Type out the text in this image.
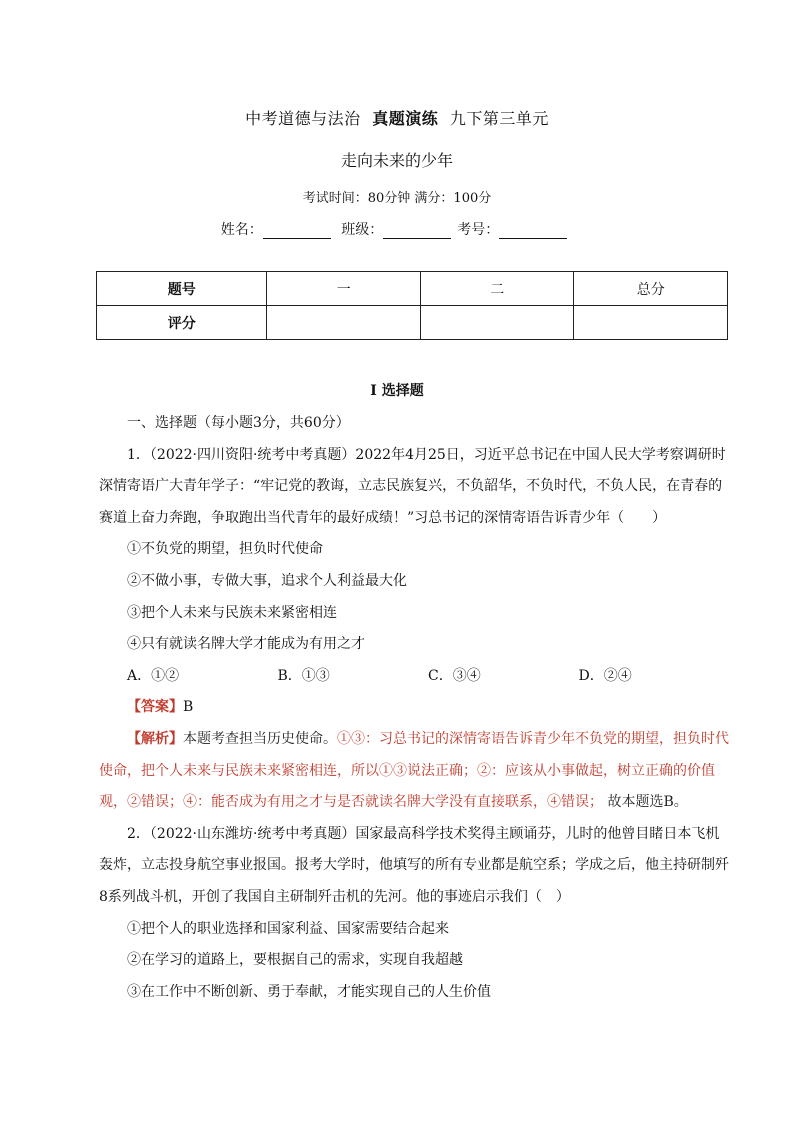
中考道德与法治 真题演练 九下第三单元
走向未来的少年
考试时间：80分钟 满分：100分
姓名：	班级：	考号：
题号	一	二	总分
评分			
I 选择题

一、选择题（每小题3分，共60分）

1．（2022·四川资阳·统考中考真题）2022年4月25日，习近平总书记在中国人民大学考察调研时深情寄语广大青年学子：“牢记党的教诲，立志民族复兴，不负韶华，不负时代，不负人民，在青春的赛道上奋力奔跑，争取跑出当代青年的最好成绩！”习总书记的深情寄语告诉青少年（　　）

①不负党的期望，担负时代使命

②不做小事，专做大事，追求个人利益最大化

③把个人未来与民族未来紧密相连

④只有就读名牌大学才能成为有用之才

A．①②	B．①③	C．③④	D．②④

【答案】B

【解析】本题考查担当历史使命。①③：习总书记的深情寄语告诉青少年不负党的期望，担负时代使命，把个人未来与民族未来紧密相连，所以①③说法正确；②：应该从小事做起，树立正确的价值观，②错误；④：能否成为有用之才与是否就读名牌大学没有直接联系，④错误； 故本题选B。

2．（2022·山东潍坊·统考中考真题）国家最高科学技术奖得主顾诵芬，儿时的他曾目睹日本飞机轰炸，立志投身航空事业报国。报考大学时，他填写的所有专业都是航空系；学成之后，他主持研制歼8系列战斗机，开创了我国自主研制歼击机的先河。他的事迹启示我们（　）

①把个人的职业选择和国家利益、国家需要结合起来

②在学习的道路上，要根据自己的需求，实现自我超越

③在工作中不断创新、勇于奉献，才能实现自己的人生价值
